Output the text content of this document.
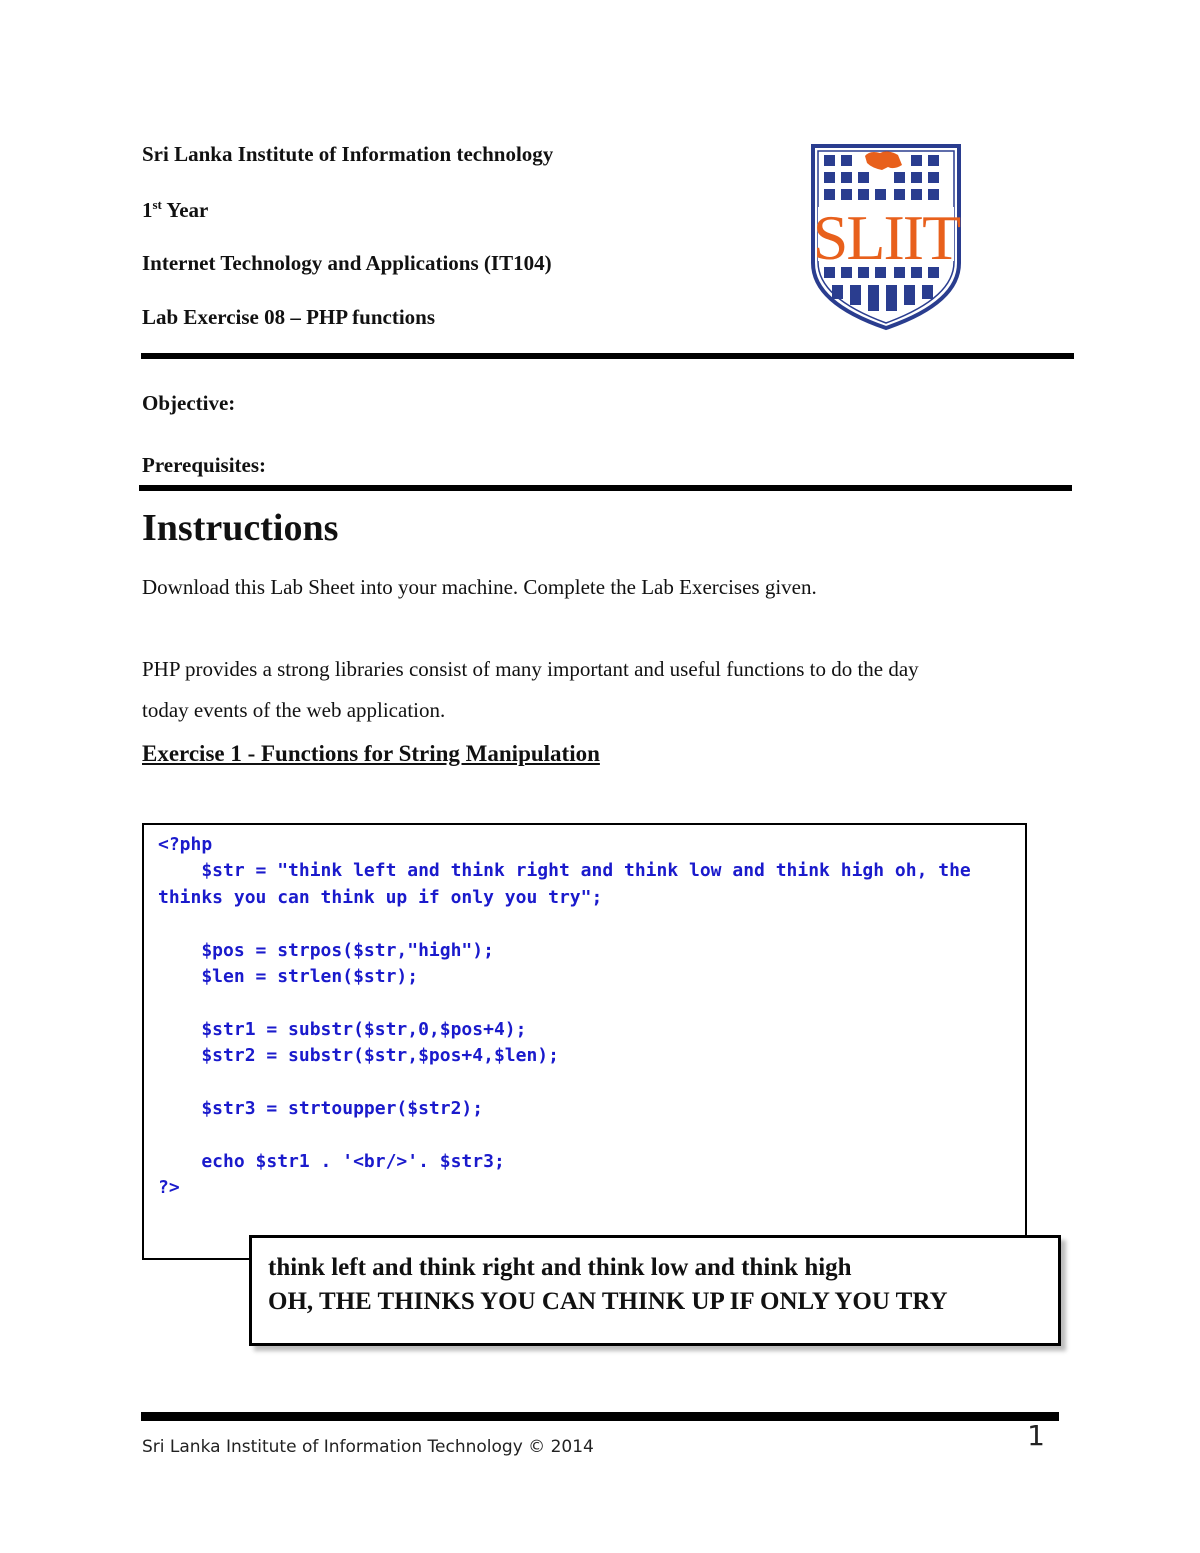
Sri Lanka Institute of Information technology
1st Year
Internet Technology and Applications (IT104)
Lab Exercise 08 – PHP functions
SLIIT
Objective:
Prerequisites:
Instructions
Download this Lab Sheet into your machine. Complete the Lab Exercises given.
PHP provides a strong libraries consist of many important and useful functions to do the day
today events of the web application.
Exercise 1 - Functions for String Manipulation
<?php
$str = "think left and think right and think low and think high oh, the
thinks you can think up if only you try";

$pos = strpos($str,"high");
$len = strlen($str);

$str1 = substr($str,0,$pos+4);
$str2 = substr($str,$pos+4,$len);

$str3 = strtoupper($str2);

echo $str1 . '<br/>'. $str3;
?>
think left and think right and think low and think high
OH, THE THINKS YOU CAN THINK UP IF ONLY YOU TRY
Sri Lanka Institute of Information Technology © 2014	1
